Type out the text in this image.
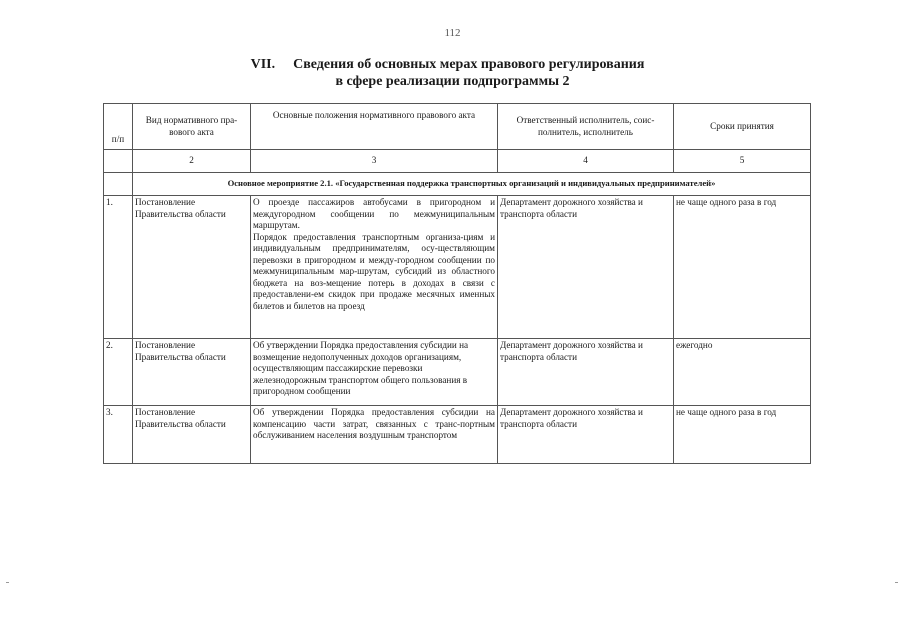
112
VII. Сведения об основных мерах правового регулирования
в сфере реализации подпрограммы 2
п/п	Вид нормативного пра-вового акта	Основные положения нормативного правового акта	Ответственный исполнитель, соис-полнитель, исполнитель	Сроки принятия
	2	3	4	5
	Основное мероприятие 2.1. «Государственная поддержка транспортных организаций и индивидуальных предпринимателей»			
1.	Постановление Правительства области	О проезде пассажиров автобусами в пригородном и междугородном сообщении по межмуниципальным маршрутам.
Порядок предоставления транспортным организа-циям и индивидуальным предпринимателям, осу-ществляющим перевозки в пригородном и между-городном сообщении по межмуниципальным мар-шрутам, субсидий из областного бюджета на воз-мещение потерь в доходах в связи с предоставлени-ем скидок при продаже месячных именных билетов и билетов на проезд	Департамент дорожного хозяйства и транспорта области	не чаще одного раза в год
2.	Постановление Правительства области	Об утверждении Порядка предоставления субсидии на возмещение недополученных доходов организациям, осуществляющим пассажирские перевозки железнодорожным транспортом общего пользования в пригородном сообщении	Департамент дорожного хозяйства и транспорта области	ежегодно
3.	Постановление Правительства области	Об утверждении Порядка предоставления субсидии на компенсацию части затрат, связанных с транс-портным обслуживанием населения воздушным транспортом	Департамент дорожного хозяйства и транспорта области	не чаще одного раза в год
